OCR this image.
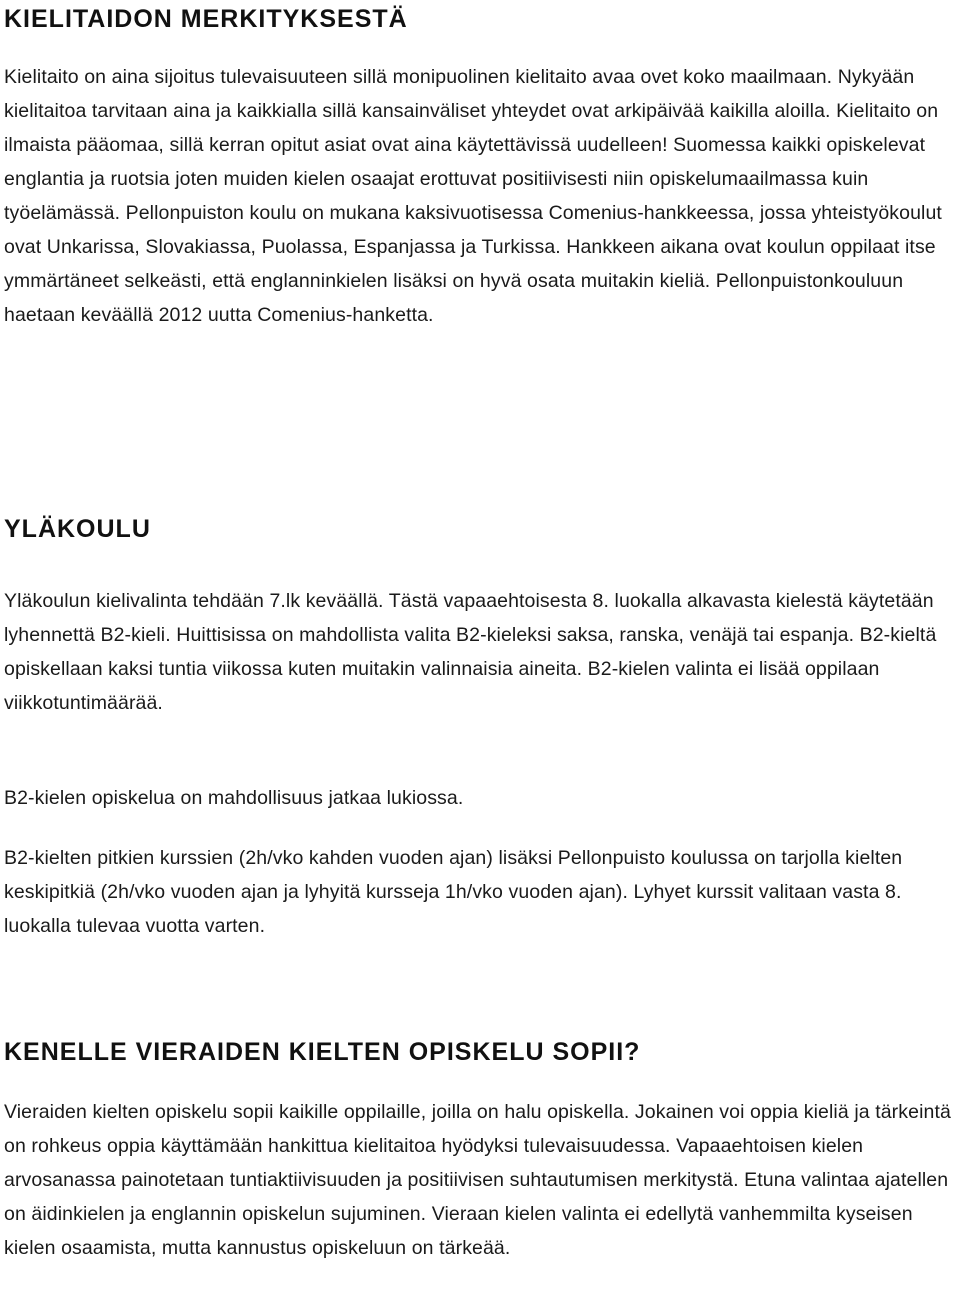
KIELITAIDON MERKITYKSESTÄ

Kielitaito on aina sijoitus tulevaisuuteen sillä monipuolinen kielitaito avaa ovet koko maailmaan. Nykyään kielitaitoa tarvitaan aina ja kaikkialla sillä kansainväliset yhteydet ovat arkipäivää kaikilla aloilla. Kielitaito on ilmaista pääomaa, sillä kerran opitut asiat ovat aina käytettävissä uudelleen! Suomessa kaikki opiskelevat englantia ja ruotsia joten muiden kielen osaajat erottuvat positiivisesti niin opiskelumaailmassa kuin työelämässä. Pellonpuiston koulu on mukana kaksivuotisessa Comenius-hankkeessa, jossa yhteistyökoulut ovat Unkarissa, Slovakiassa, Puolassa, Espanjassa ja Turkissa. Hankkeen aikana ovat koulun oppilaat itse ymmärtäneet selkeästi, että englanninkielen lisäksi on hyvä osata muitakin kieliä. Pellonpuistonkouluun haetaan keväällä 2012 uutta Comenius-hanketta.

YLÄKOULU

Yläkoulun kielivalinta tehdään 7.lk keväällä. Tästä vapaaehtoisesta 8. luokalla alkavasta kielestä käytetään lyhennettä B2-kieli. Huittisissa on mahdollista valita B2-kieleksi saksa, ranska, venäjä tai espanja. B2-kieltä opiskellaan kaksi tuntia viikossa kuten muitakin valinnaisia aineita. B2-kielen valinta ei lisää oppilaan viikkotuntimäärää.

B2-kielen opiskelua on mahdollisuus jatkaa lukiossa.

B2-kielten pitkien kurssien (2h/vko kahden vuoden ajan) lisäksi Pellonpuisto koulussa on tarjolla kielten keskipitkiä (2h/vko vuoden ajan ja lyhyitä kursseja 1h/vko vuoden ajan). Lyhyet kurssit valitaan vasta 8. luokalla tulevaa vuotta varten.

KENELLE VIERAIDEN KIELTEN OPISKELU SOPII?

Vieraiden kielten opiskelu sopii kaikille oppilaille, joilla on halu opiskella. Jokainen voi oppia kieliä ja tärkeintä on rohkeus oppia käyttämään hankittua kielitaitoa hyödyksi tulevaisuudessa. Vapaaehtoisen kielen arvosanassa painotetaan tuntiaktiivisuuden ja positiivisen suhtautumisen merkitystä. Etuna valintaa ajatellen on äidinkielen ja englannin opiskelun sujuminen. Vieraan kielen valinta ei edellytä vanhemmilta kyseisen kielen osaamista, mutta kannustus opiskeluun on tärkeää.
